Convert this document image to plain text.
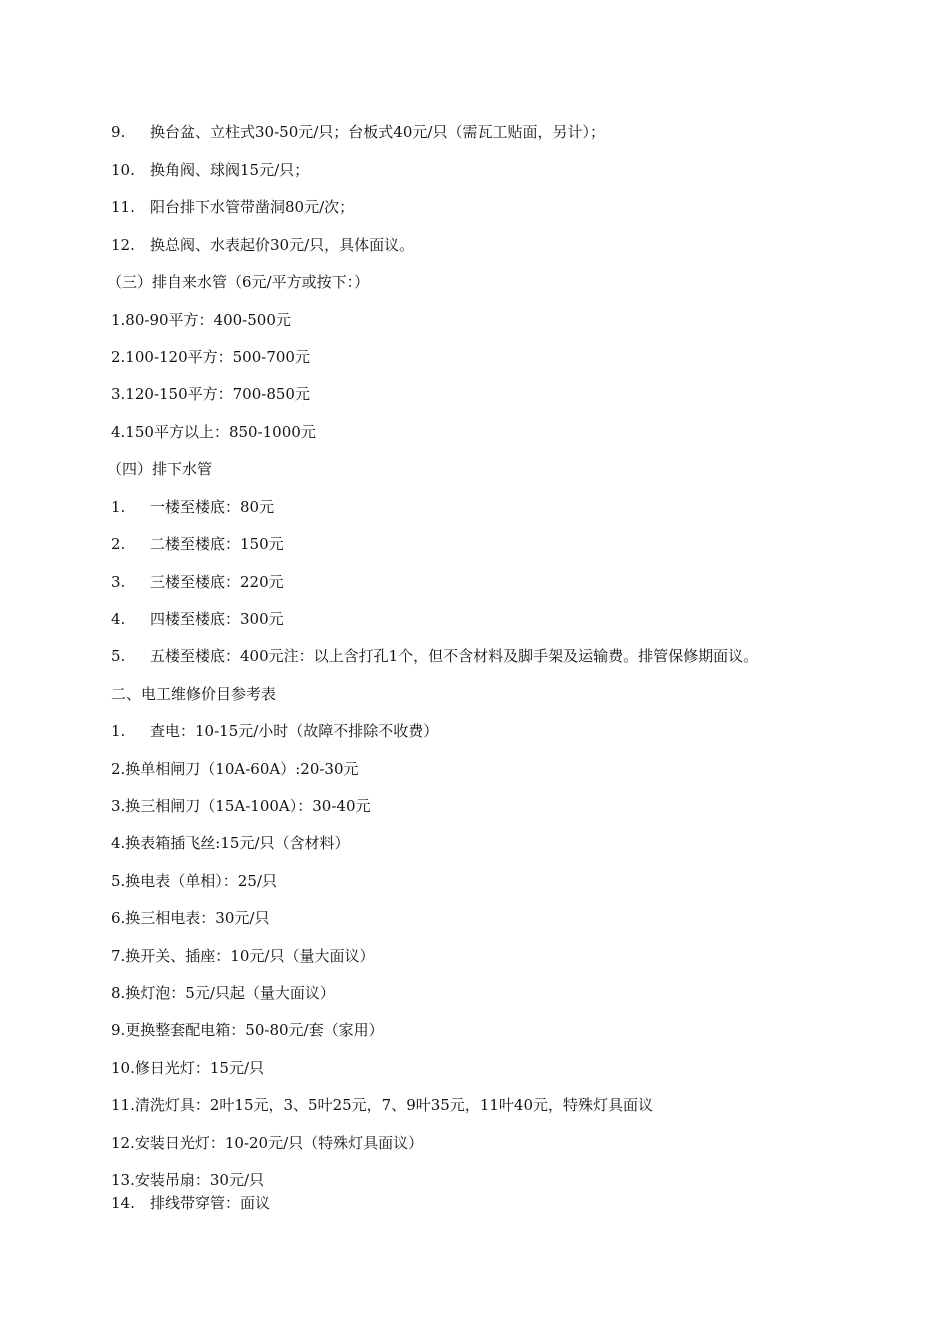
9. 换台盆、立柱式30-50元/只；台板式40元/只（需瓦工贴面，另计）；
10. 换角阀、球阀15元/只；
11. 阳台排下水管带凿洞80元/次；
12. 换总阀、水表起价30元/只，具体面议。
（三）排自来水管（6元/平方或按下：）
1.80-90平方：400-500元
2.100-120平方：500-700元
3.120-150平方：700-850元
4.150平方以上：850-1000元
（四）排下水管
1. 一楼至楼底：80元
2. 二楼至楼底：150元
3. 三楼至楼底：220元
4. 四楼至楼底：300元
5. 五楼至楼底：400元注：以上含打孔1个，但不含材料及脚手架及运输费。排管保修期面议。
二、电工维修价目参考表
1. 查电：10-15元/小时（故障不排除不收费）
2.换单相闸刀（10A-60A）:20-30元
3.换三相闸刀（15A-100A）：30-40元
4.换表箱插飞丝:15元/只（含材料）
5.换电表（单相）：25/只
6.换三相电表：30元/只
7.换开关、插座：10元/只（量大面议）
8.换灯泡：5元/只起（量大面议）
9.更换整套配电箱：50-80元/套（家用）
10.修日光灯：15元/只
11.清洗灯具：2叶15元，3、5叶25元，7、9叶35元，11叶40元，特殊灯具面议
12.安装日光灯：10-20元/只（特殊灯具面议）
13.安装吊扇：30元/只
14. 排线带穿管：面议
